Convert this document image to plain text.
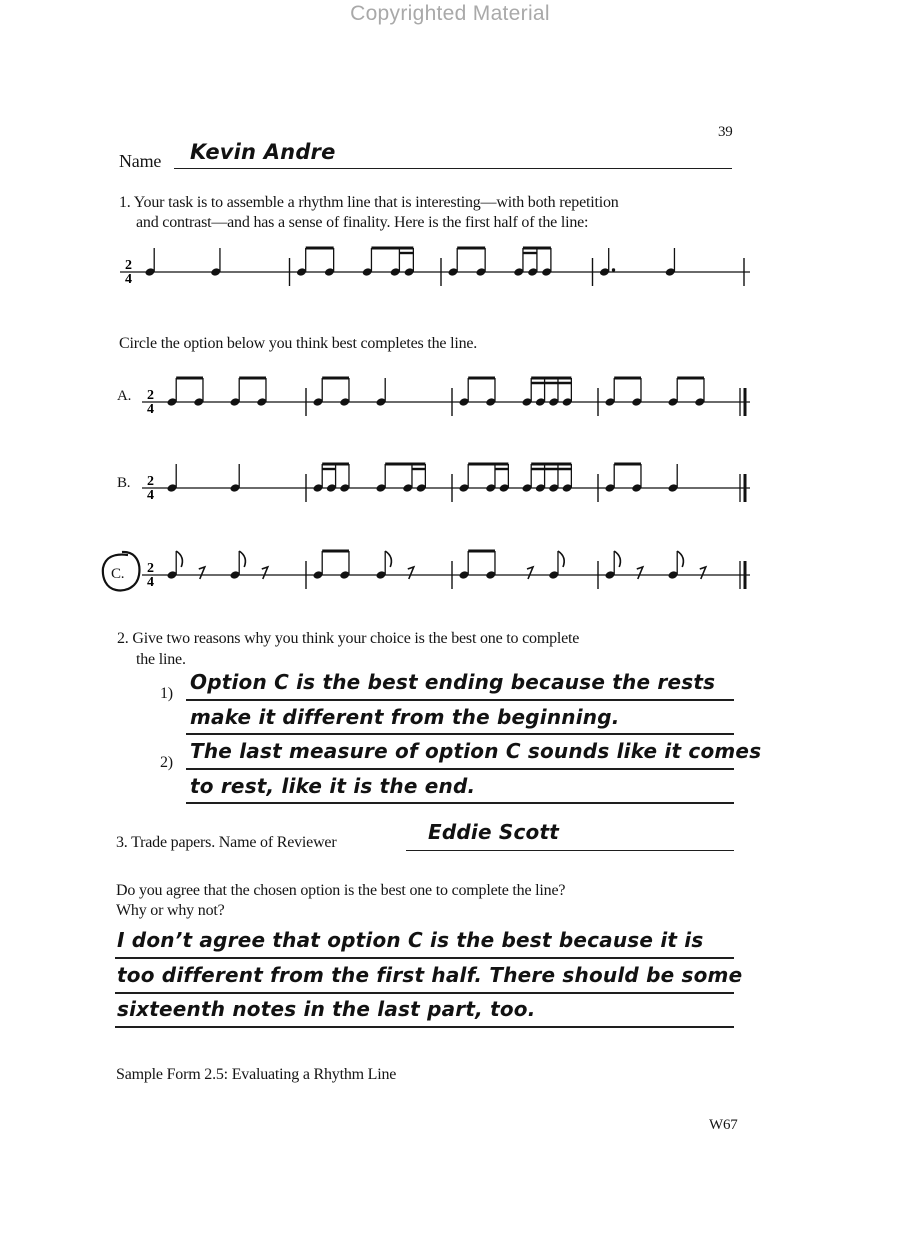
Copyrighted Material
39
Name Kevin Andre
1. Your task is to assemble a rhythm line that is interesting—with both repetition
and contrast—and has a sense of finality. Here is the first half of the line:
2
4
Circle the option below you think best completes the line.
A. 2
4
B. 2
4
C. 2
4
2. Give two reasons why you think your choice is the best one to complete
the line.
1) Option C is the best ending because the rests
make it different from the beginning.
2) The last measure of option C sounds like it comes
to rest, like it is the end.
3. Trade papers. Name of Reviewer	Eddie Scott
Do you agree that the chosen option is the best one to complete the line?
Why or why not?
I don’t agree that option C is the best because it is
too different from the first half. There should be some
sixteenth notes in the last part, too.
Sample Form 2.5: Evaluating a Rhythm Line
W67
